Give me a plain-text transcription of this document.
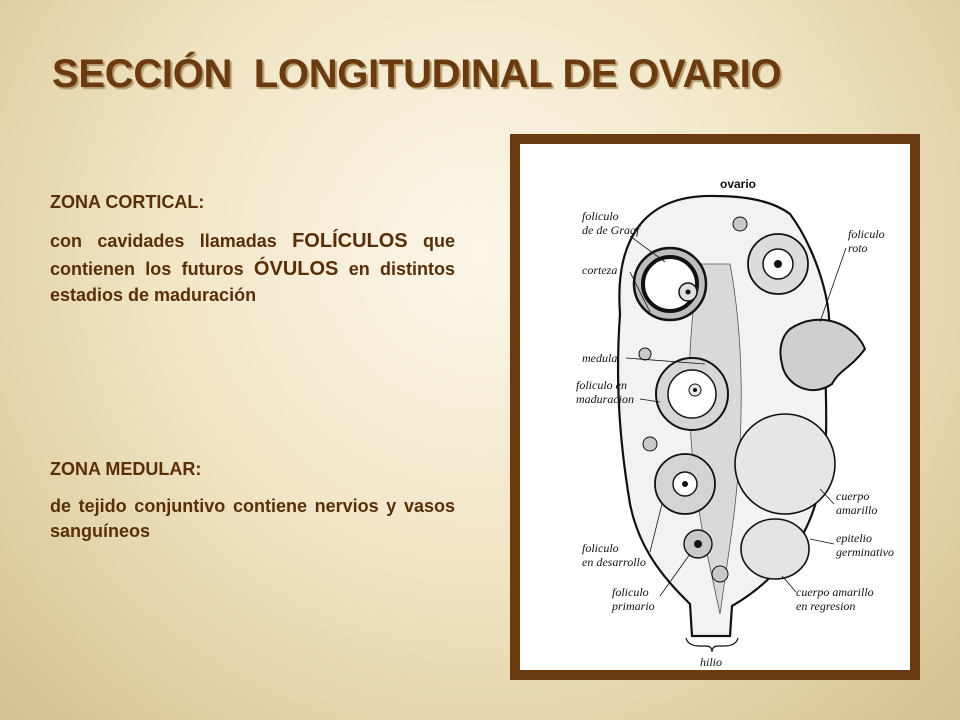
SECCIÓN  LONGITUDINAL DE OVARIO

ZONA CORTICAL:

con cavidades llamadas FOLÍCULOS que contienen los futuros ÓVULOS en distintos estadios de maduración

ZONA MEDULAR:

de tejido conjuntivo contiene nervios y vasos sanguíneos

ovario
foliculo
de de Graaf
corteza
medula
foliculo en
maduracion
foliculo
en desarrollo
foliculo
primario
foliculo
roto
cuerpo
amarillo
epitelio
germinativo
cuerpo amarillo
en regresion
hilio
